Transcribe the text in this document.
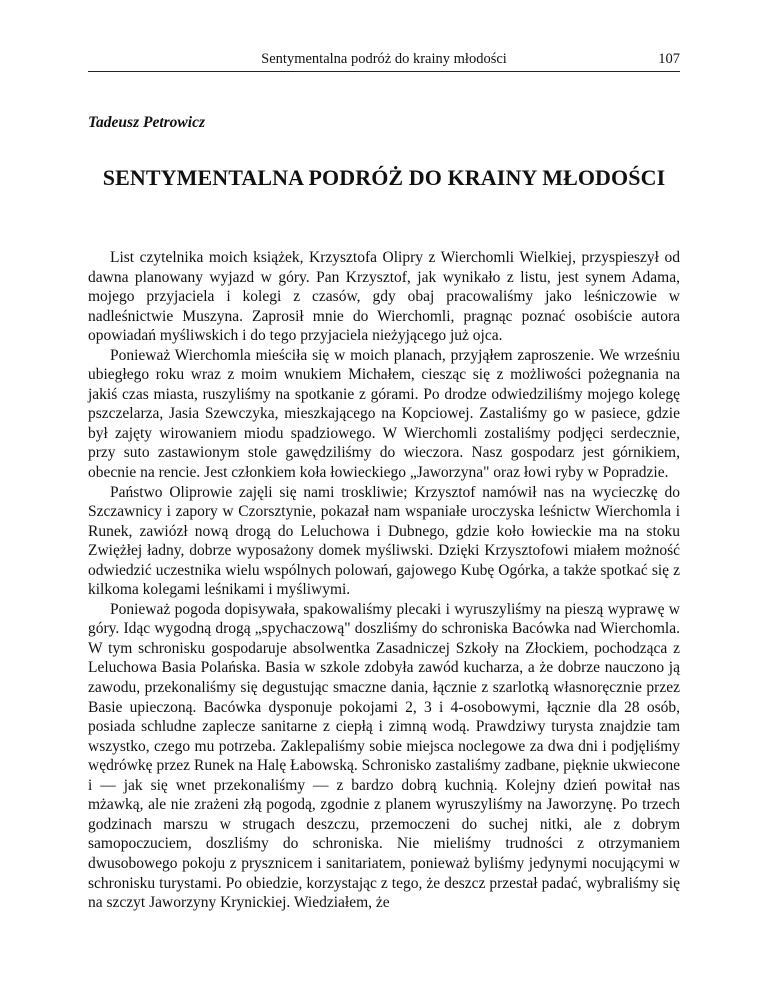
Sentymentalna podróż do krainy młodości	107
Tadeusz Petrowicz
SENTYMENTALNA PODRÓŻ DO KRAINY MŁODOŚCI

List czytelnika moich książek, Krzysztofa Olipry z Wierchomli Wielkiej, przyspieszył od dawna planowany wyjazd w góry. Pan Krzysztof, jak wynikało z listu, jest synem Adama, mojego przyjaciela i kolegi z czasów, gdy obaj pracowaliśmy jako leśniczowie w nadleśnictwie Muszyna. Zaprosił mnie do Wierchomli, pragnąc poznać osobiście autora opowiadań myśliwskich i do tego przyjaciela nieżyjącego już ojca.

Ponieważ Wierchomla mieściła się w moich planach, przyjąłem zaproszenie. We wrześniu ubiegłego roku wraz z moim wnukiem Michałem, ciesząc się z możliwości pożegnania na jakiś czas miasta, ruszyliśmy na spotkanie z górami. Po drodze odwiedziliśmy mojego kolegę pszczelarza, Jasia Szewczyka, mieszkającego na Kopciowej. Zastaliśmy go w pasiece, gdzie był zajęty wirowaniem miodu spadziowego. W Wierchomli zostaliśmy podjęci serdecznie, przy suto zastawionym stole gawędziliśmy do wieczora. Nasz gospodarz jest górnikiem, obecnie na rencie. Jest członkiem koła łowieckiego „Jaworzyna" oraz łowi ryby w Popradzie.

Państwo Oliprowie zajęli się nami troskliwie; Krzysztof namówił nas na wycieczkę do Szczawnicy i zapory w Czorsztynie, pokazał nam wspaniałe uroczyska leśnictw Wierchomla i Runek, zawiózł nową drogą do Leluchowa i Dubnego, gdzie koło łowieckie ma na stoku Zwiężłej ładny, dobrze wyposażony domek myśliwski. Dzięki Krzysztofowi miałem możność odwiedzić uczestnika wielu wspólnych polowań, gajowego Kubę Ogórka, a także spotkać się z kilkoma kolegami leśnikami i myśliwymi.

Ponieważ pogoda dopisywała, spakowaliśmy plecaki i wyruszyliśmy na pieszą wyprawę w góry. Idąc wygodną drogą „spychaczową" doszliśmy do schroniska Bacówka nad Wierchomla. W tym schronisku gospodaruje absolwentka Zasadniczej Szkoły na Złockiem, pochodząca z Leluchowa Basia Polańska. Basia w szkole zdobyła zawód kucharza, a że dobrze nauczono ją zawodu, przekonaliśmy się degustując smaczne dania, łącznie z szarlotką własnoręcznie przez Basie upieczoną. Bacówka dysponuje pokojami 2, 3 i 4-osobowymi, łącznie dla 28 osób, posiada schludne zaplecze sanitarne z ciepłą i zimną wodą. Prawdziwy turysta znajdzie tam wszystko, czego mu potrzeba. Zaklepaliśmy sobie miejsca noclegowe za dwa dni i podjęliśmy wędrówkę przez Runek na Halę Łabowską. Schronisko zastaliśmy zadbane, pięknie ukwiecone i — jak się wnet przekonaliśmy — z bardzo dobrą kuchnią. Kolejny dzień powitał nas mżawką, ale nie zrażeni złą pogodą, zgodnie z planem wyruszyliśmy na Jaworzynę. Po trzech godzinach marszu w strugach deszczu, przemoczeni do suchej nitki, ale z dobrym samopoczuciem, doszliśmy do schroniska. Nie mieliśmy trudności z otrzymaniem dwusobowego pokoju z prysznicem i sanitariatem, ponieważ byliśmy jedynymi nocującymi w schronisku turystami. Po obiedzie, korzystając z tego, że deszcz przestał padać, wybraliśmy się na szczyt Jaworzyny Krynickiej. Wiedziałem, że
